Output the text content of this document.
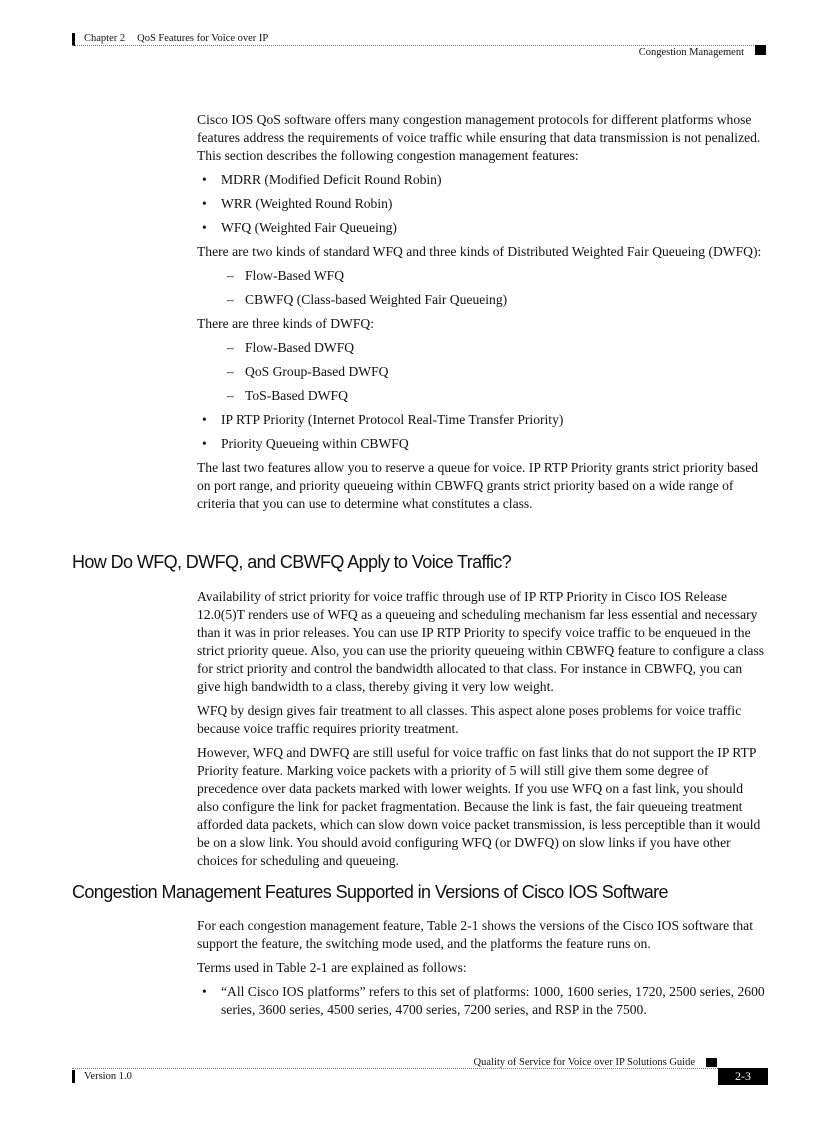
Chapter 2 QoS Features for Voice over IP
Congestion Management

Cisco IOS QoS software offers many congestion management protocols for different platforms whose features address the requirements of voice traffic while ensuring that data transmission is not penalized. This section describes the following congestion management features:

• MDRR (Modified Deficit Round Robin)
• WRR (Weighted Round Robin)
• WFQ (Weighted Fair Queueing)

There are two kinds of standard WFQ and three kinds of Distributed Weighted Fair Queueing (DWFQ):

– Flow-Based WFQ
– CBWFQ (Class-based Weighted Fair Queueing)

There are three kinds of DWFQ:

– Flow-Based DWFQ
– QoS Group-Based DWFQ
– ToS-Based DWFQ
• IP RTP Priority (Internet Protocol Real-Time Transfer Priority)
• Priority Queueing within CBWFQ

The last two features allow you to reserve a queue for voice. IP RTP Priority grants strict priority based on port range, and priority queueing within CBWFQ grants strict priority based on a wide range of criteria that you can use to determine what constitutes a class.

How Do WFQ, DWFQ, and CBWFQ Apply to Voice Traffic?

Availability of strict priority for voice traffic through use of IP RTP Priority in Cisco IOS Release 12.0(5)T renders use of WFQ as a queueing and scheduling mechanism far less essential and necessary than it was in prior releases. You can use IP RTP Priority to specify voice traffic to be enqueued in the strict priority queue. Also, you can use the priority queueing within CBWFQ feature to configure a class for strict priority and control the bandwidth allocated to that class. For instance in CBWFQ, you can give high bandwidth to a class, thereby giving it very low weight.

WFQ by design gives fair treatment to all classes. This aspect alone poses problems for voice traffic because voice traffic requires priority treatment.

However, WFQ and DWFQ are still useful for voice traffic on fast links that do not support the IP RTP Priority feature. Marking voice packets with a priority of 5 will still give them some degree of precedence over data packets marked with lower weights. If you use WFQ on a fast link, you should also configure the link for packet fragmentation. Because the link is fast, the fair queueing treatment afforded data packets, which can slow down voice packet transmission, is less perceptible than it would be on a slow link. You should avoid configuring WFQ (or DWFQ) on slow links if you have other choices for scheduling and queueing.

Congestion Management Features Supported in Versions of Cisco IOS Software

For each congestion management feature, Table 2-1 shows the versions of the Cisco IOS software that support the feature, the switching mode used, and the platforms the feature runs on.

Terms used in Table 2-1 are explained as follows:

• “All Cisco IOS platforms” refers to this set of platforms: 1000, 1600 series, 1720, 2500 series, 2600 series, 3600 series, 4500 series, 4700 series, 7200 series, and RSP in the 7500.
Quality of Service for Voice over IP Solutions Guide
Version 1.0	2-3
